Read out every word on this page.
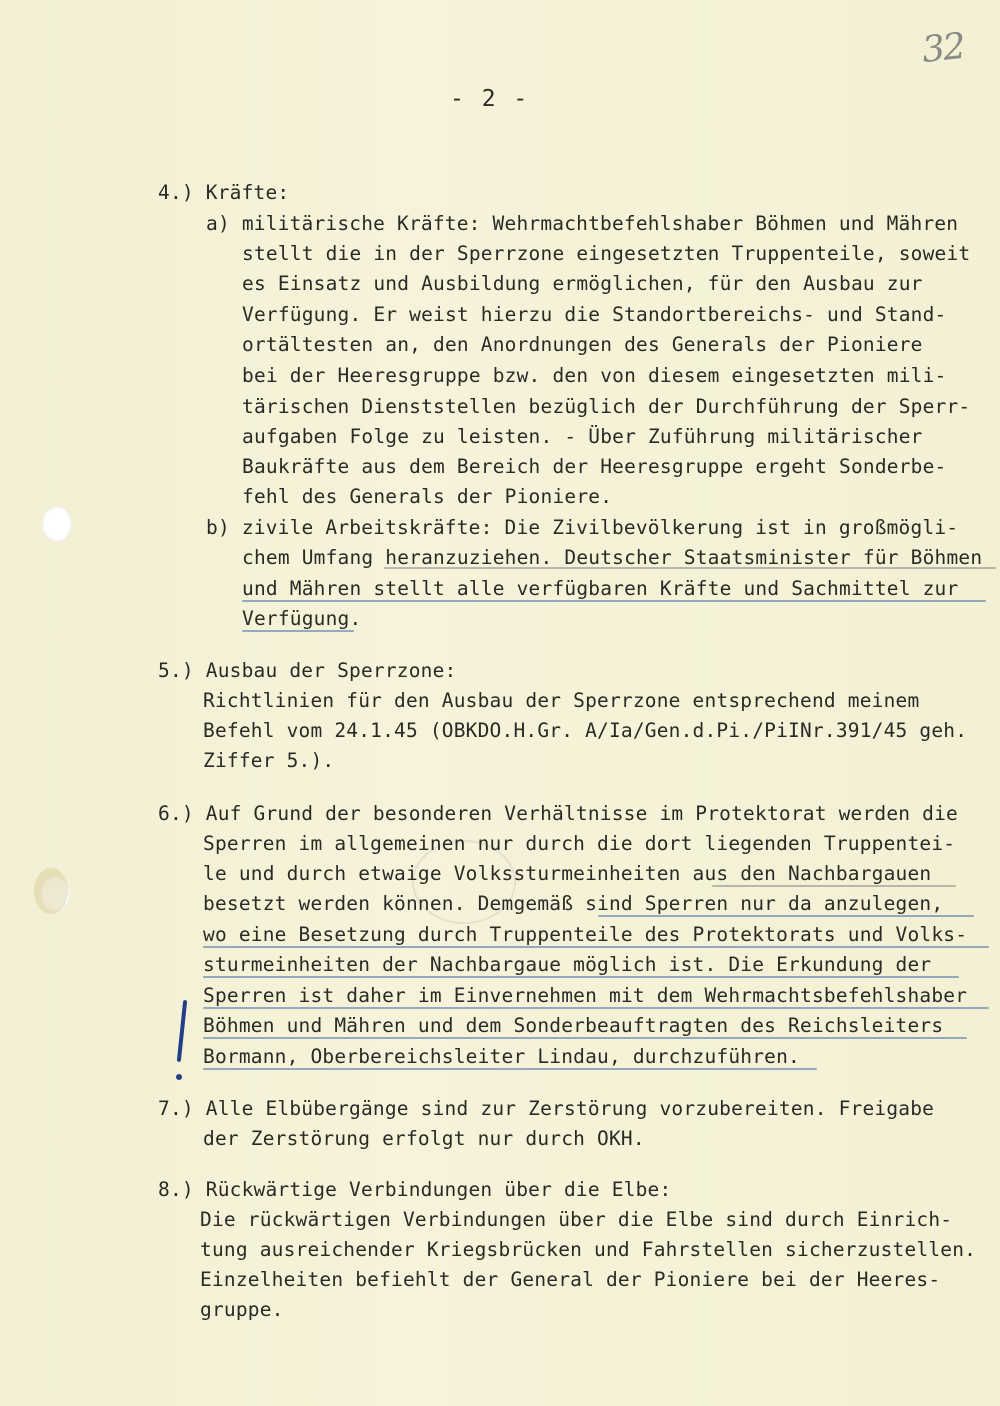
32
- 2 -
4.) Kräfte:
a) militärische Kräfte: Wehrmachtbefehlshaber Böhmen und Mähren
stellt die in der Sperrzone eingesetzten Truppenteile, soweit
es Einsatz und Ausbildung ermöglichen, für den Ausbau zur
Verfügung. Er weist hierzu die Standortbereichs- und Stand-
ortältesten an, den Anordnungen des Generals der Pioniere
bei der Heeresgruppe bzw. den von diesem eingesetzten mili-
tärischen Dienststellen bezüglich der Durchführung der Sperr-
aufgaben Folge zu leisten. - Über Zuführung militärischer
Baukräfte aus dem Bereich der Heeresgruppe ergeht Sonderbe-
fehl des Generals der Pioniere.
b) zivile Arbeitskräfte: Die Zivilbevölkerung ist in großmögli-
chem Umfang heranzuziehen. Deutscher Staatsminister für Böhmen
und Mähren stellt alle verfügbaren Kräfte und Sachmittel zur
Verfügung.
5.) Ausbau der Sperrzone:
Richtlinien für den Ausbau der Sperrzone entsprechend meinem
Befehl vom 24.1.45 (OBKDO.H.Gr. A/Ia/Gen.d.Pi./PiINr.391/45 geh.
Ziffer 5.).
6.) Auf Grund der besonderen Verhältnisse im Protektorat werden die
Sperren im allgemeinen nur durch die dort liegenden Truppentei-
le und durch etwaige Volkssturmeinheiten aus den Nachbargauen
besetzt werden können. Demgemäß sind Sperren nur da anzulegen,
wo eine Besetzung durch Truppenteile des Protektorats und Volks-
sturmeinheiten der Nachbargaue möglich ist. Die Erkundung der
Sperren ist daher im Einvernehmen mit dem Wehrmachtsbefehlshaber
Böhmen und Mähren und dem Sonderbeauftragten des Reichsleiters
Bormann, Oberbereichsleiter Lindau, durchzuführen.
7.) Alle Elbübergänge sind zur Zerstörung vorzubereiten. Freigabe
der Zerstörung erfolgt nur durch OKH.
8.) Rückwärtige Verbindungen über die Elbe:
Die rückwärtigen Verbindungen über die Elbe sind durch Einrich-
tung ausreichender Kriegsbrücken und Fahrstellen sicherzustellen.
Einzelheiten befiehlt der General der Pioniere bei der Heeres-
gruppe.
